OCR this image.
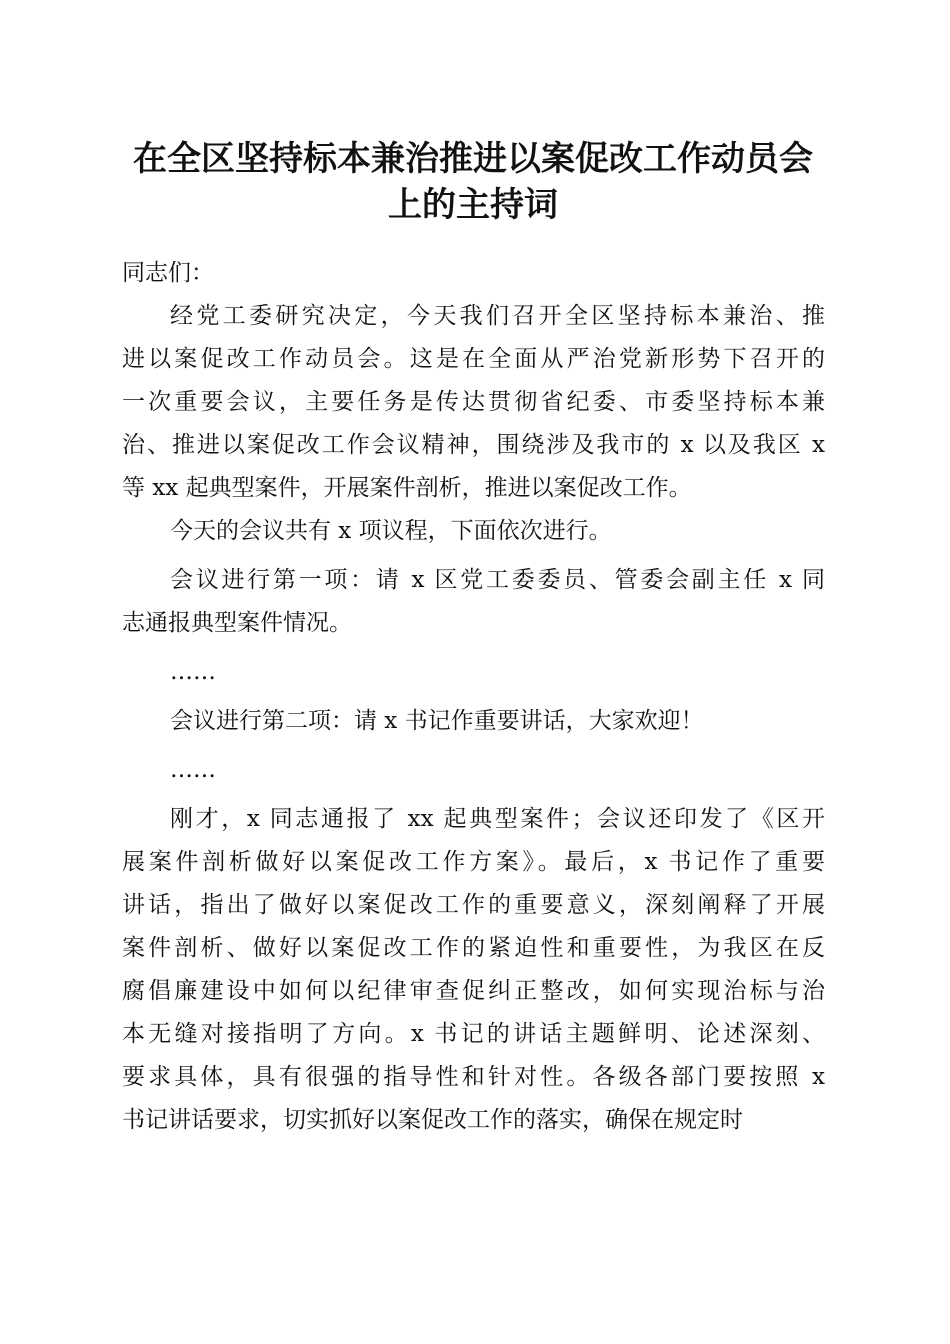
在全区坚持标本兼治推进以案促改工作动员会
上的主持词
同志们：
经党工委研究决定，今天我们召开全区坚持标本兼治、推
进以案促改工作动员会。这是在全面从严治党新形势下召开的
一次重要会议，主要任务是传达贯彻省纪委、市委坚持标本兼
治、推进以案促改工作会议精神，围绕涉及我市的 x 以及我区 x
等 xx 起典型案件，开展案件剖析，推进以案促改工作。
今天的会议共有 x 项议程，下面依次进行。
会议进行第一项：请 x 区党工委委员、管委会副主任 x 同
志通报典型案件情况。
……
会议进行第二项：请 x 书记作重要讲话，大家欢迎！
……
刚才，x 同志通报了 xx 起典型案件；会议还印发了《区开
展案件剖析做好以案促改工作方案》。最后，x 书记作了重要
讲话，指出了做好以案促改工作的重要意义，深刻阐释了开展
案件剖析、做好以案促改工作的紧迫性和重要性，为我区在反
腐倡廉建设中如何以纪律审查促纠正整改，如何实现治标与治
本无缝对接指明了方向。x 书记的讲话主题鲜明、论述深刻、
要求具体，具有很强的指导性和针对性。各级各部门要按照 x
书记讲话要求，切实抓好以案促改工作的落实，确保在规定时
